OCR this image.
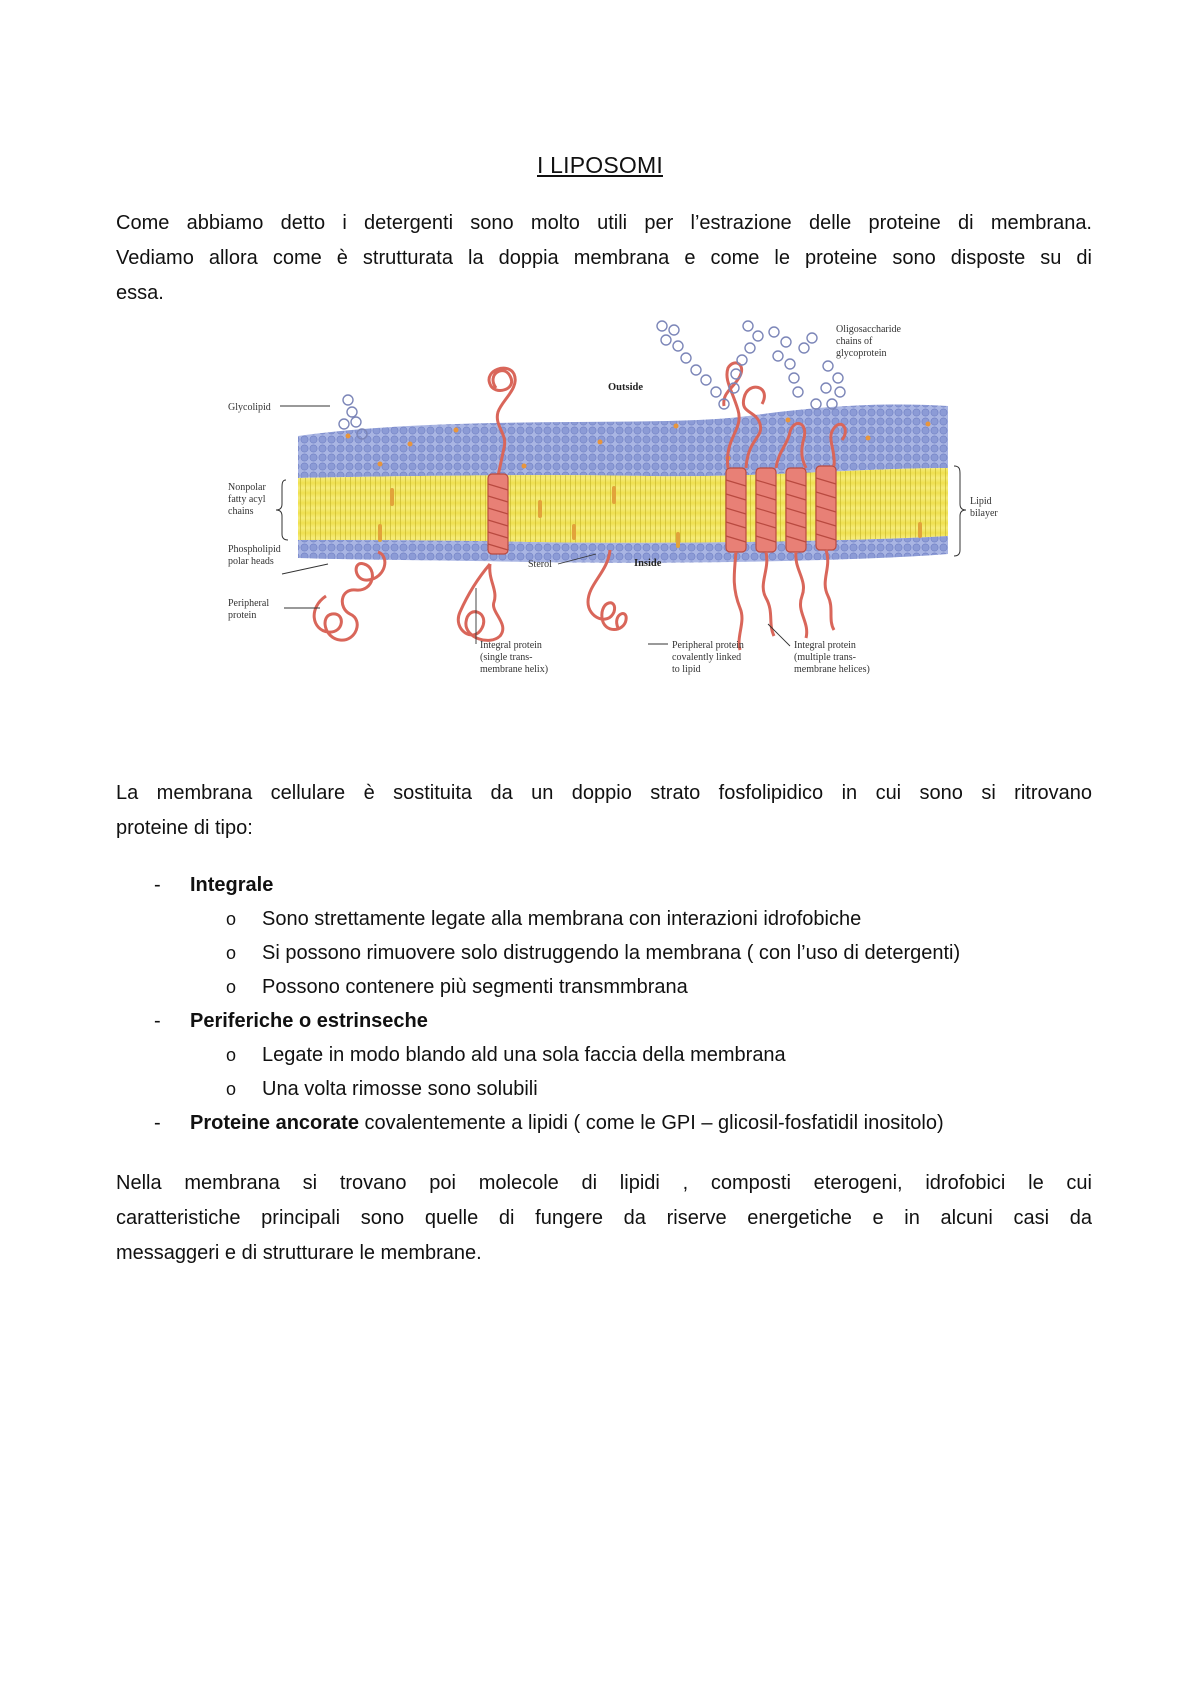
I LIPOSOMI
Come abbiamo detto i detergenti sono molto utili per l’estrazione delle proteine di membrana.
Vediamo allora come è strutturata la doppia membrana e come le proteine sono disposte su di
essa.
Oligosaccharide
chains of
glycoprotein
Outside
Inside
Glycolipid
Nonpolar
fatty acyl
chains
Phospholipid
polar heads
Peripheral
protein
Lipid
bilayer
Sterol
Integral protein
(single trans-
membrane helix)
Peripheral protein
covalently linked
to lipid
Integral protein
(multiple trans-
membrane helices)
La membrana cellulare è sostituita da un doppio strato fosfolipidico in cui sono si ritrovano
proteine di tipo:
- Integrale
o Sono strettamente legate alla membrana con interazioni idrofobiche
o Si possono rimuovere solo distruggendo la membrana ( con l’uso di detergenti)
o Possono contenere più segmenti transmmbrana
- Periferiche o estrinseche
o Legate in modo blando ald una sola faccia della membrana
o Una volta rimosse sono solubili
- Proteine ancorate covalentemente a lipidi ( come le GPI – glicosil-fosfatidil inositolo)
Nella membrana si trovano poi molecole di lipidi , composti eterogeni, idrofobici le cui
caratteristiche principali sono quelle di fungere da riserve energetiche e in alcuni casi da
messaggeri e di strutturare le membrane.
